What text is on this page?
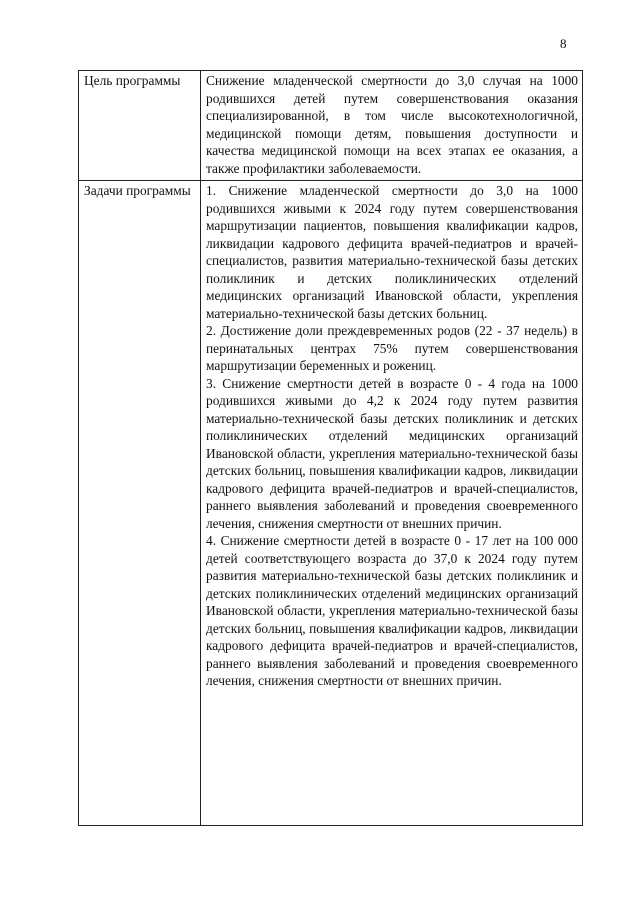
8
Цель программы	Снижение младенческой смертности до 3,0 случая на 1000 родившихся детей путем совершенствования оказания специализированной, в том числе высокотехнологичной, медицинской помощи детям, повышения доступности и качества медицинской помощи на всех этапах ее оказания, а также профилактики заболеваемости.
Задачи программы	1. Снижение младенческой смертности до 3,0 на 1000 родившихся живыми к 2024 году путем совершенствования маршрутизации пациентов, повышения квалификации кадров, ликвидации кадрового дефицита врачей-педиатров и врачей-специалистов, развития материально-технической базы детских поликлиник и детских поликлинических отделений медицинских организаций Ивановской области, укрепления материально-технической базы детских больниц.

2. Достижение доли преждевременных родов (22 - 37 недель) в перинатальных центрах 75% путем совершенствования маршрутизации беременных и рожениц.

3. Снижение смертности детей в возрасте 0 - 4 года на 1000 родившихся живыми до 4,2 к 2024 году путем развития материально-технической базы детских поликлиник и детских поликлинических отделений медицинских организаций Ивановской области, укрепления материально-технической базы детских больниц, повышения квалификации кадров, ликвидации кадрового дефицита врачей-педиатров и врачей-специалистов, раннего выявления заболеваний и проведения своевременного лечения, снижения смертности от внешних причин.

4. Снижение смертности детей в возрасте 0 - 17 лет на 100 000 детей соответствующего возраста до 37,0 к 2024 году путем развития материально-технической базы детских поликлиник и детских поликлинических отделений медицинских организаций Ивановской области, укрепления материально-технической базы детских больниц, повышения квалификации кадров, ликвидации кадрового дефицита врачей-педиатров и врачей-специалистов, раннего выявления заболеваний и проведения своевременного лечения, снижения смертности от внешних причин.
